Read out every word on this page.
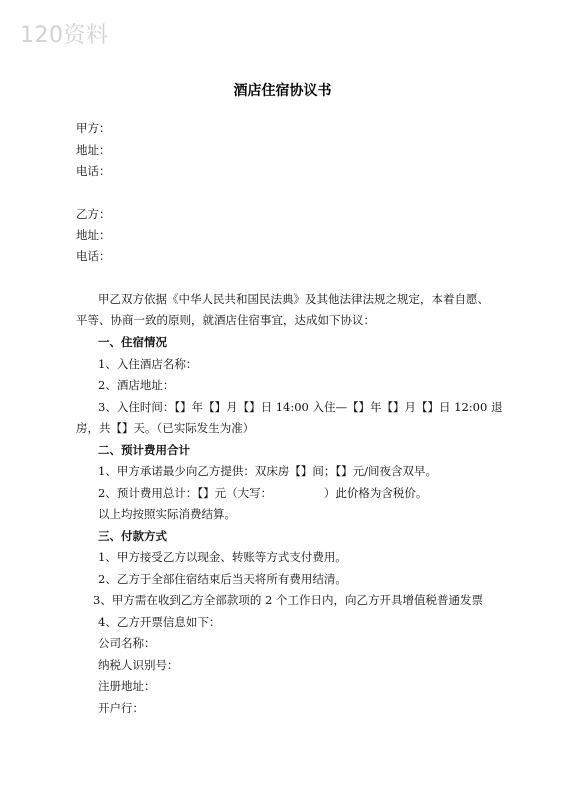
120资料
酒店住宿协议书
甲方：
地址：
电话：
乙方：
地址：
电话：
甲乙双方依据《中华人民共和国民法典》及其他法律法规之规定，本着自愿、
平等、协商一致的原则，就酒店住宿事宜，达成如下协议：
一、住宿情况
1、入住酒店名称：
2、酒店地址：
3、入住时间：【】年【】月【】日 14:00 入住—【】年【】月【】日 12:00 退
房，共【】天。（已实际发生为准）
二、预计费用合计
1、甲方承诺最少向乙方提供：双床房【】间；【】元/间夜含双早。
2、预计费用总计：【】元（大写：　　　　　）此价格为含税价。
以上均按照实际消费结算。
三、付款方式
1、甲方接受乙方以现金、转账等方式支付费用。
2、乙方于全部住宿结束后当天将所有费用结清。
3、甲方需在收到乙方全部款项的 2 个工作日内，向乙方开具增值税普通发票
4、乙方开票信息如下：
公司名称：
纳税人识别号：
注册地址：
开户行：
